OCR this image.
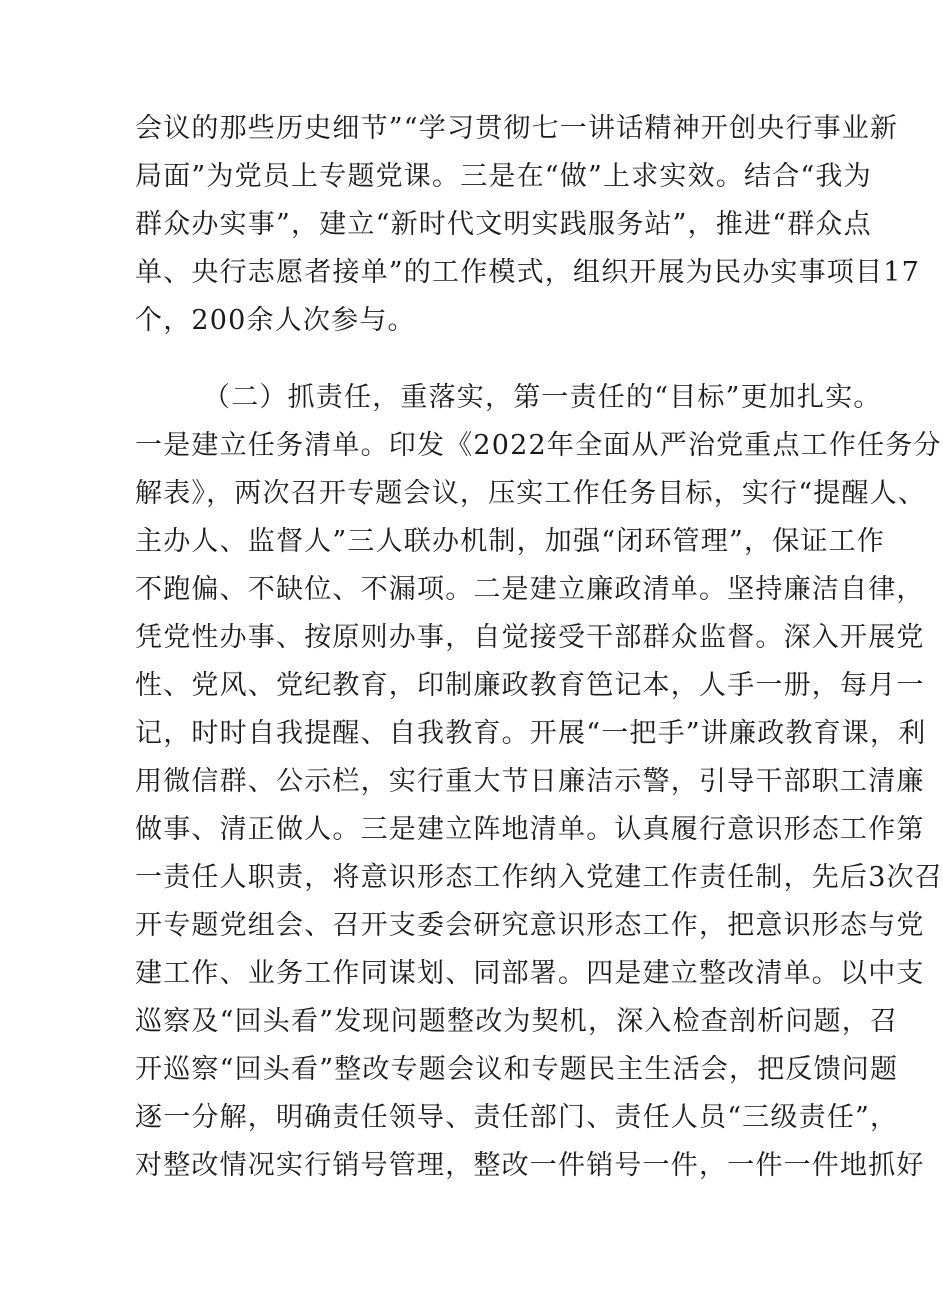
会议的那些历史细节”“学习贯彻七一讲话精神开创央行事业新
局面”为党员上专题党课。三是在“做”上求实效。结合“我为
群众办实事”，建立“新时代文明实践服务站”，推进“群众点
单、央行志愿者接单”的工作模式，组织开展为民办实事项目17
个，200余人次参与。
（二）抓责任，重落实，第一责任的“目标”更加扎实。
一是建立任务清单。印发《2022年全面从严治党重点工作任务分
解表》，两次召开专题会议，压实工作任务目标，实行“提醒人、
主办人、监督人”三人联办机制，加强“闭环管理”，保证工作
不跑偏、不缺位、不漏项。二是建立廉政清单。坚持廉洁自律，
凭党性办事、按原则办事，自觉接受干部群众监督。深入开展党
性、党风、党纪教育，印制廉政教育笆记本，人手一册，每月一
记，时时自我提醒、自我教育。开展“一把手”讲廉政教育课，利
用微信群、公示栏，实行重大节日廉洁示警，引导干部职工清廉
做事、清正做人。三是建立阵地清单。认真履行意识形态工作第
一责任人职责，将意识形态工作纳入党建工作责任制，先后3次召
开专题党组会、召开支委会研究意识形态工作，把意识形态与党
建工作、业务工作同谋划、同部署。四是建立整改清单。以中支
巡察及“回头看”发现问题整改为契机，深入检查剖析问题，召
开巡察“回头看”整改专题会议和专题民主生活会，把反馈问题
逐一分解，明确责任领导、责任部门、责任人员“三级责任”，
对整改情况实行销号管理，整改一件销号一件，一件一件地抓好
